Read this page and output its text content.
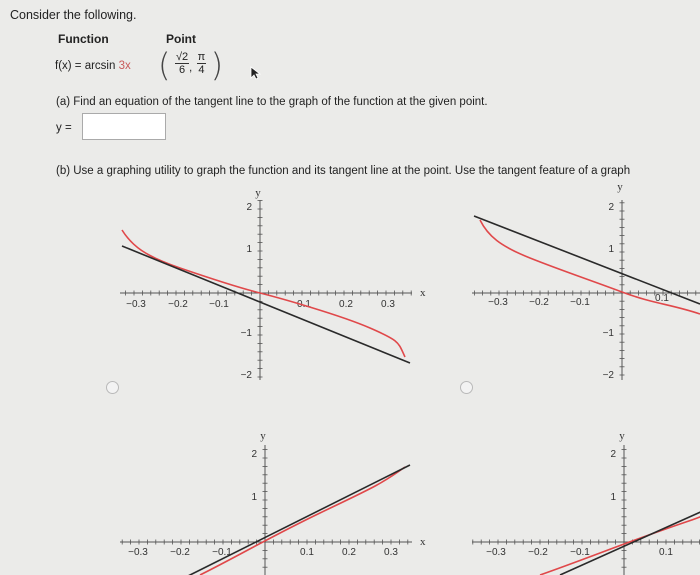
Consider the following.
Function	Point
f(x) = arcsin 3x ( $\frac{√2}{6}$ , $\frac{\pi}{4}$ )
(a) Find an equation of the tangent line to the graph of the function at the given point.
y =
(b) Use a graphing utility to graph the function and its tangent line at the point. Use the tangent feature of a graph
y
x
2
1
−1
−2
−0.3 −0.2 −0.1	0.1	0.2	0.3
y
2
1
−1
−2
−0.3 −0.2 −0.1	0.1
y
x
2
1
−0.3 −0.2 −0.1	0.1	0.2	0.3
y
2
1
−0.3 −0.2 −0.1	0.1
